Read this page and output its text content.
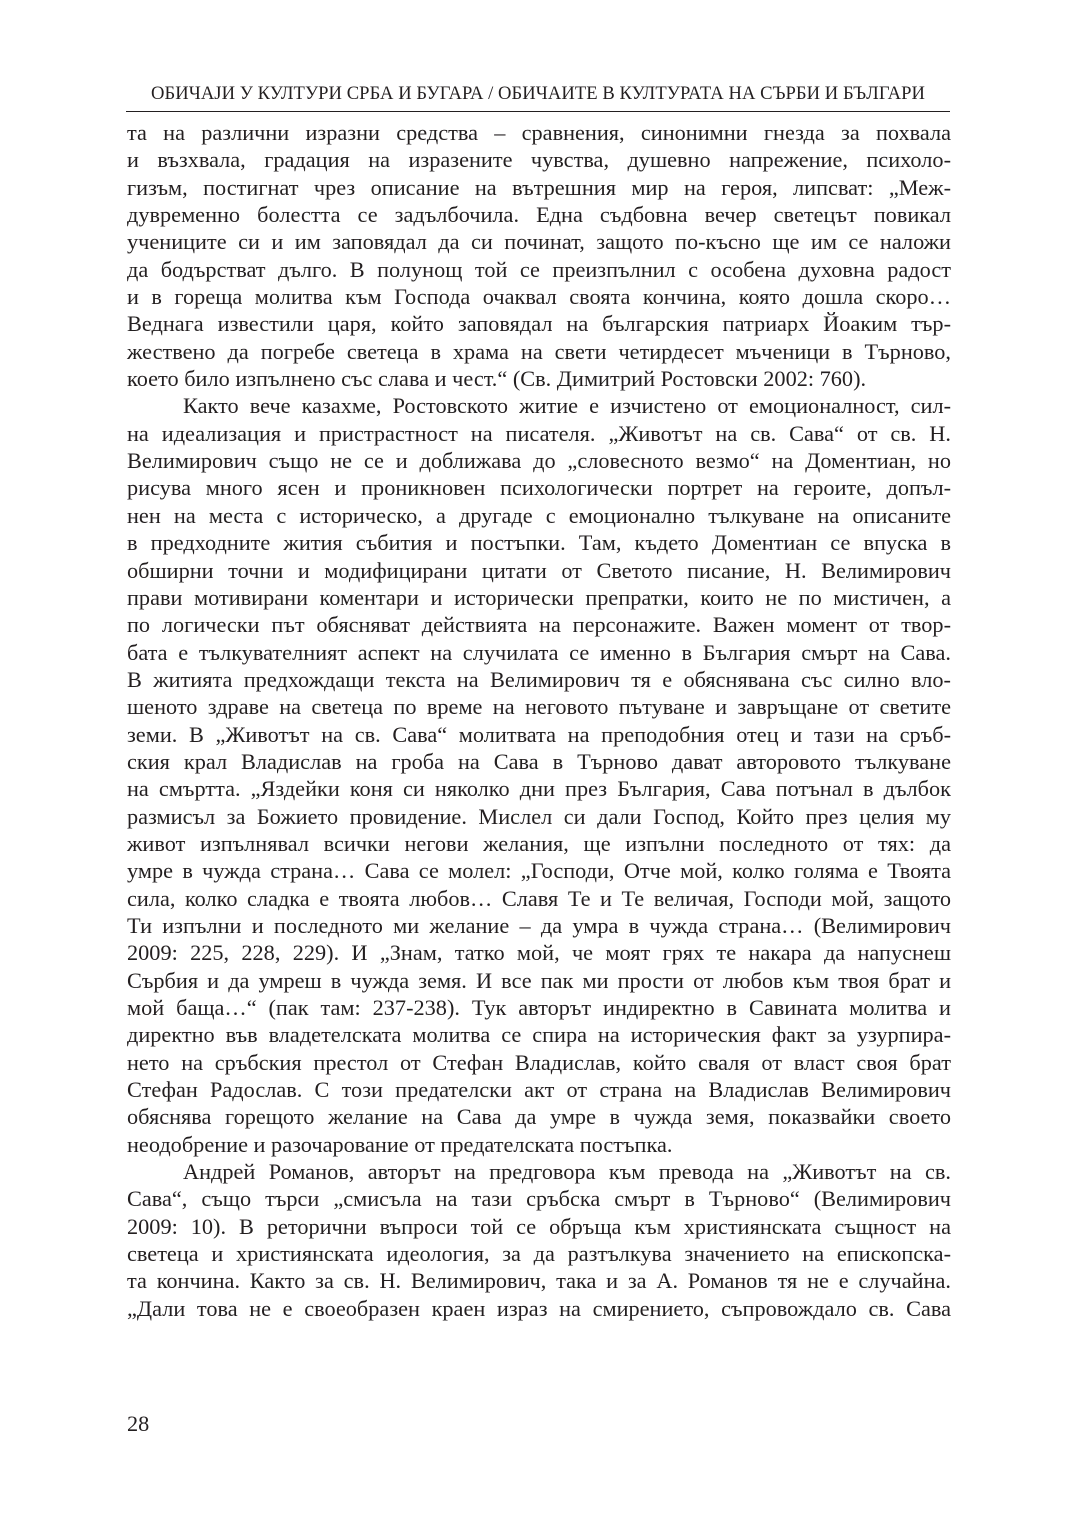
ОБИЧАЈИ У КУЛТУРИ СРБА И БУГАРА / ОБИЧАИТЕ В КУЛТУРАТА НА СЪРБИ И БЪЛГАРИ
та на различни изразни средства – сравнения, синонимни гнезда за похвала
и възхвала, градация на изразените чувства, душевно напрежение, психоло-
гизъм, постигнат чрез описание на вътрешния мир на героя, липсват: „Меж-
дувременно болестта се задълбочила. Една съдбовна вечер светецът повикал
учениците си и им заповядал да си починат, защото по-късно ще им се наложи
да бодърстват дълго. В полунощ той се преизпълнил с особена духовна радост
и в гореща молитва към Господа очаквал своята кончина, която дошла скоро…
Веднага известили царя, който заповядал на българския патриарх Йоаким тър-
жествено да погребе светеца в храма на свети четирдесет мъченици в Търново,
което било изпълнено със слава и чест.“ (Св. Димитрий Ростовски 2002: 760).
Както вече казахме, Ростовското житие е изчистено от емоционалност, сил-
на идеализация и пристрастност на писателя. „Животът на св. Сава“ от св. Н.
Велимирович също не се и доближава до „словесното везмо“ на Доментиан, но
рисува много ясен и проникновен психологически портрет на героите, допъл-
нен на места с историческо, а другаде с емоционално тълкуване на описаните
в предходните жития събития и постъпки. Там, където Доментиан се впуска в
обширни точни и модифицирани цитати от Светото писание, Н. Велимирович
прави мотивирани коментари и исторически препратки, които не по мистичен, а
по логически път обясняват действията на персонажите. Важен момент от твор-
бата е тълкувателният аспект на случилата се именно в България смърт на Сава.
В житията предхождащи текста на Велимирович тя е обяснявана със силно вло-
шеното здраве на светеца по време на неговото пътуване и завръщане от светите
земи. В „Животът на св. Сава“ молитвата на преподобния отец и тази на сръб-
ския крал Владислав на гроба на Сава в Търново дават авторовото тълкуване
на смъртта. „Яздейки коня си няколко дни през България, Сава потънал в дълбок
размисъл за Божието провидение. Мислел си дали Господ, Който през целия му
живот изпълнявал всички негови желания, ще изпълни последното от тях: да
умре в чужда страна… Сава се молел: „Господи, Отче мой, колко голяма е Твоята
сила, колко сладка е твоята любов… Славя Те и Те величая, Господи мой, защото
Ти изпълни и последното ми желание – да умра в чужда страна… (Велимирович
2009: 225, 228, 229). И „Знам, татко мой, че моят грях те накара да напуснеш
Сърбия и да умреш в чужда земя. И все пак ми прости от любов към твоя брат и
мой баща…“ (пак там: 237-238). Тук авторът индиректно в Савината молитва и
директно във владетелската молитва се спира на историческия факт за узурпира-
нето на сръбския престол от Стефан Владислав, който сваля от власт своя брат
Стефан Радослав. С този предателски акт от страна на Владислав Велимирович
обяснява горещото желание на Сава да умре в чужда земя, показвайки своето
неодобрение и разочарование от предателската постъпка.
Андрей Романов, авторът на предговора към превода на „Животът на св.
Сава“, също търси „смисъла на тази сръбска смърт в Търново“ (Велимирович
2009: 10). В реторични въпроси той се обръща към християнската същност на
светеца и християнската идеология, за да разтълкува значението на епископска-
та кончина. Както за св. Н. Велимирович, така и за А. Романов тя не е случайна.
„Дали това не е своеобразен краен израз на смирението, съпровождало св. Сава
28
